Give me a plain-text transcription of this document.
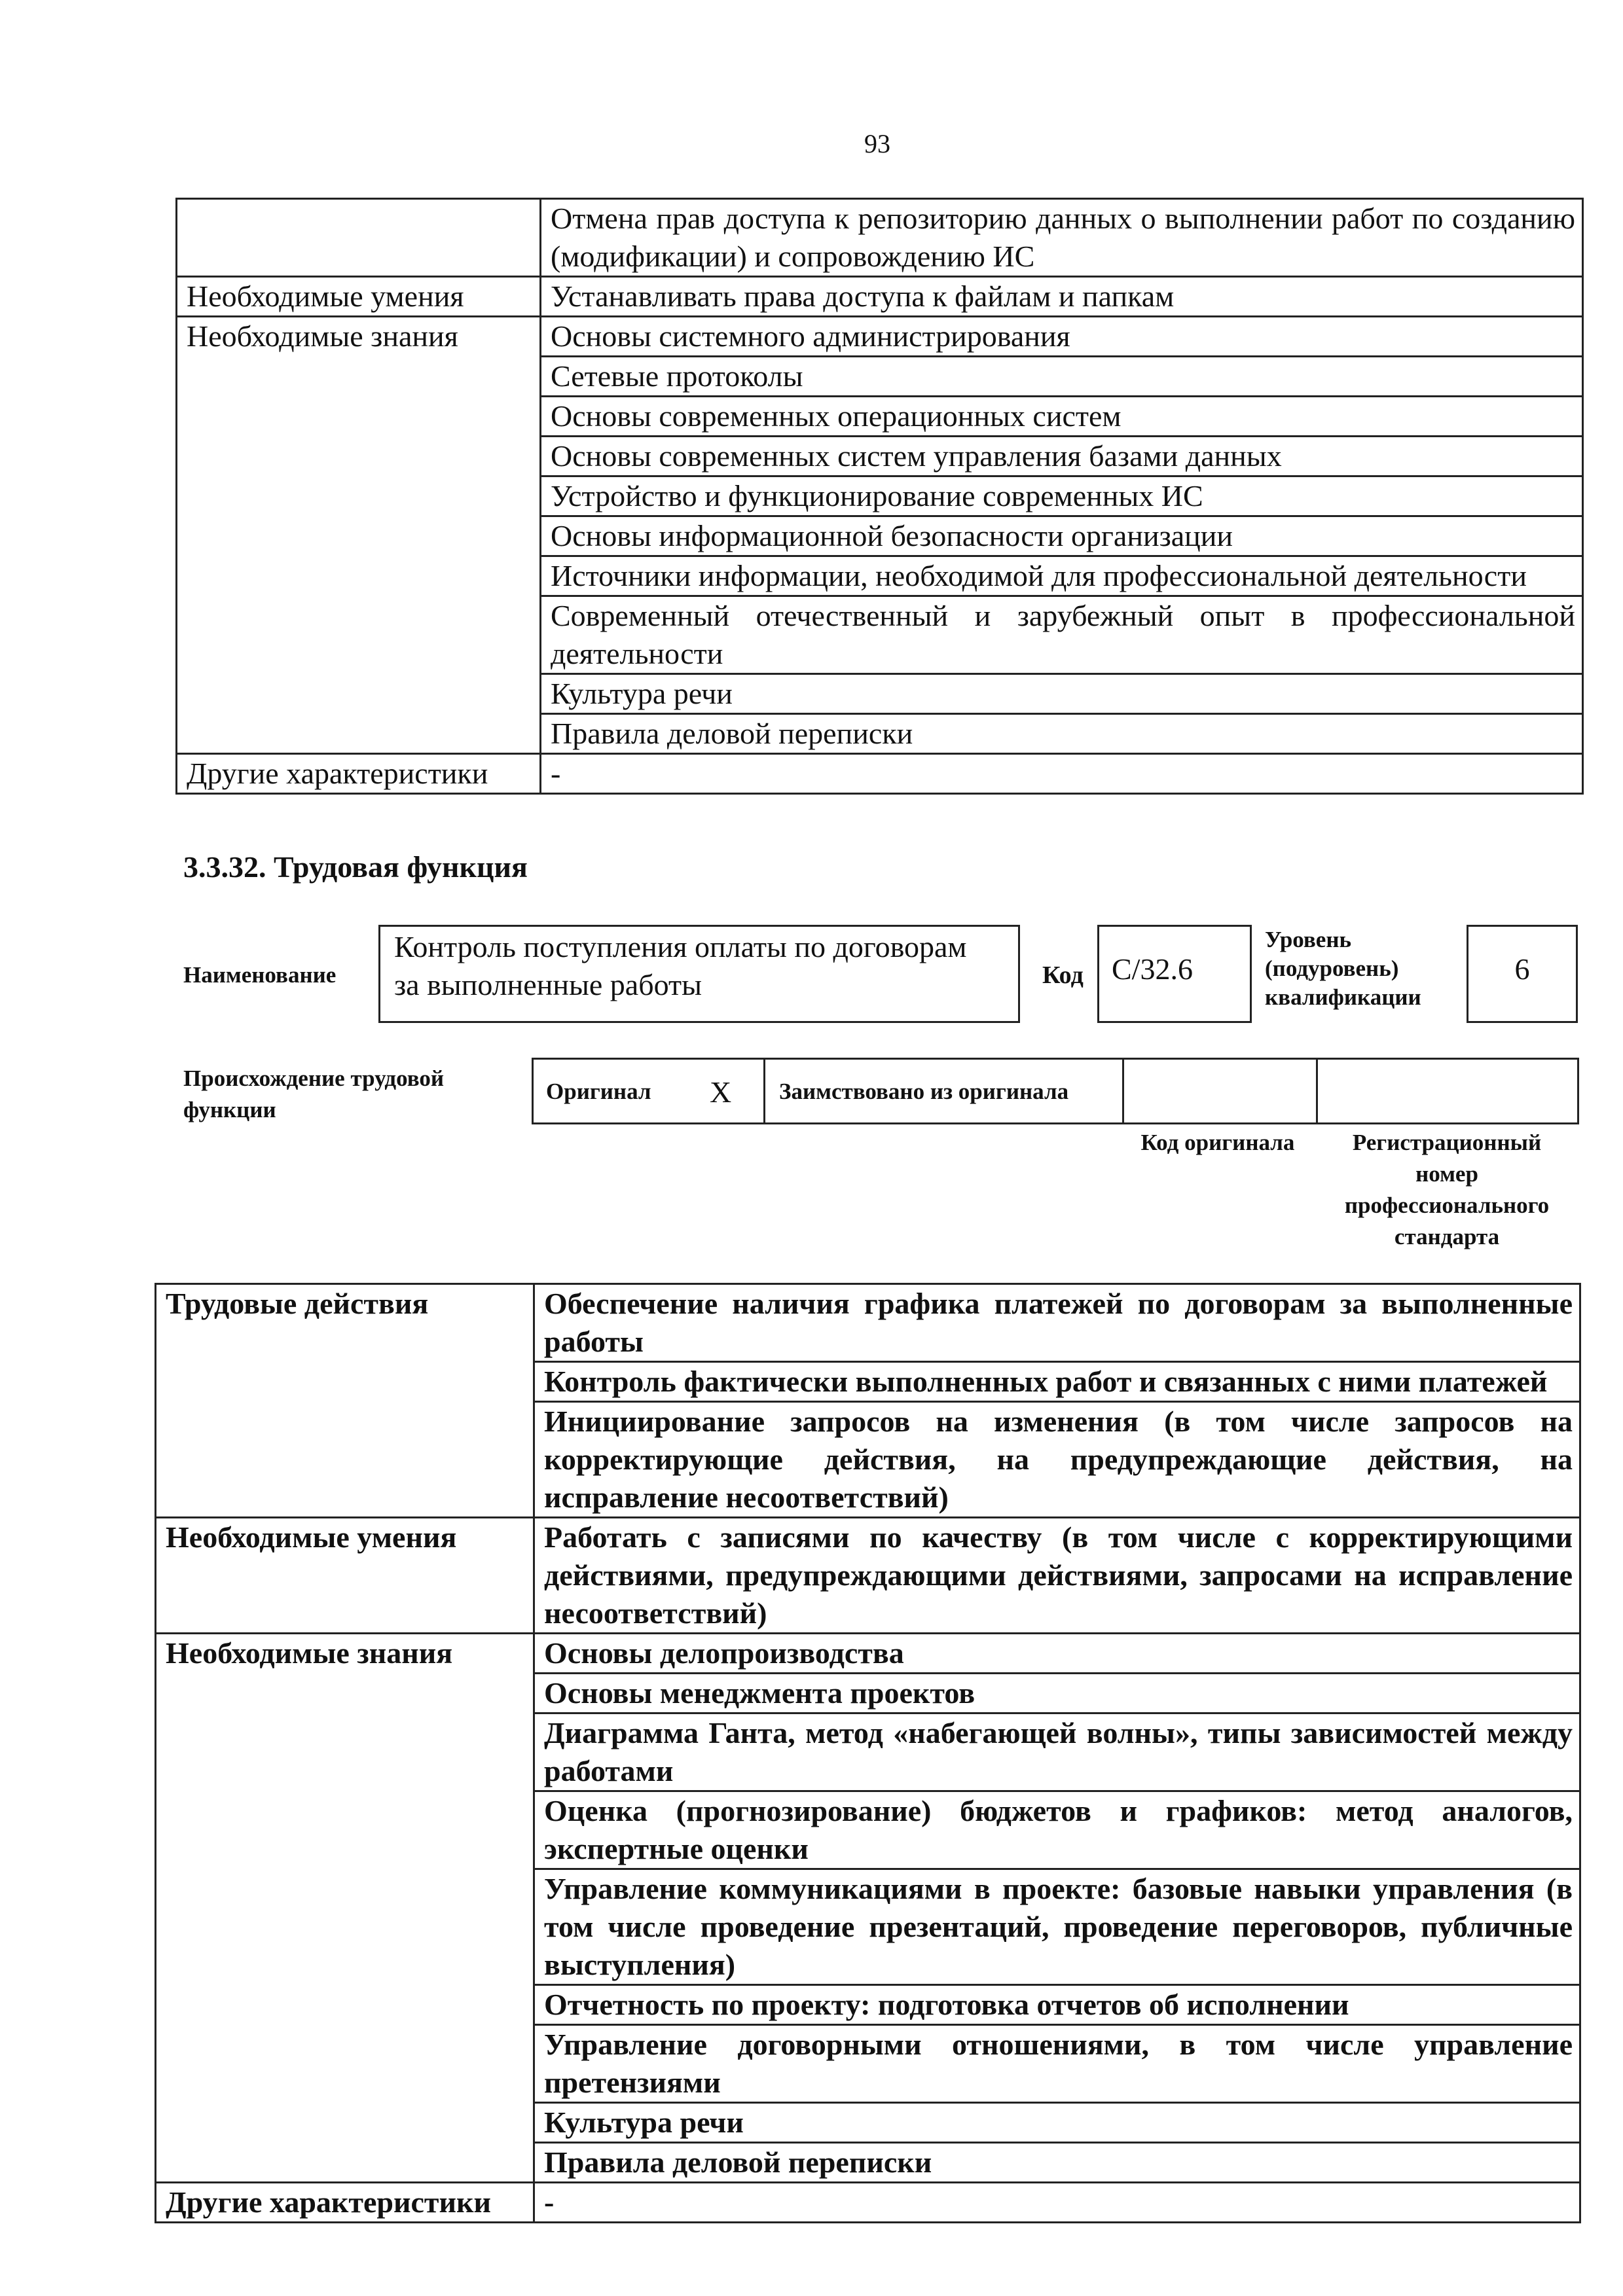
93
	Отмена прав доступа к репозиторию данных о выполнении работ по созданию (модификации) и сопровождению ИС
Необходимые умения	Устанавливать права доступа к файлам и папкам
Необходимые знания	Основы системного администрирования
	Сетевые протоколы
	Основы современных операционных систем
	Основы современных систем управления базами данных
	Устройство и функционирование современных ИС
	Основы информационной безопасности организации
	Источники информации, необходимой для профессиональной деятельности
	Современный отечественный и зарубежный опыт в профессиональной деятельности
	Культура речи
	Правила деловой переписки
Другие характеристики	-
3.3.32. Трудовая функция
Наименование
Контроль поступления оплаты по договорам за выполненные работы	Код C/32.6
Уровень (подуровень) квалификации
6
Происхождение трудовой функции
Оригинал X Заимствовано из оригинала
Код оригинала	Регистрационный номер профессионального стандарта
Трудовые действия	Обеспечение наличия графика платежей по договорам за выполненные работы
	Контроль фактически выполненных работ и связанных с ними платежей
	Инициирование запросов на изменения (в том числе запросов на корректирующие действия, на предупреждающие действия, на исправление несоответствий)
Необходимые умения	Работать с записями по качеству (в том числе с корректирующими действиями, предупреждающими действиями, запросами на исправление несоответствий)
Необходимые знания	Основы делопроизводства
	Основы менеджмента проектов
	Диаграмма Ганта, метод «набегающей волны», типы зависимостей между работами
	Оценка (прогнозирование) бюджетов и графиков: метод аналогов, экспертные оценки
	Управление коммуникациями в проекте: базовые навыки управления (в том числе проведение презентаций, проведение переговоров, публичные выступления)
	Отчетность по проекту: подготовка отчетов об исполнении
	Управление договорными отношениями, в том числе управление претензиями
	Культура речи
	Правила деловой переписки
Другие характеристики	-
